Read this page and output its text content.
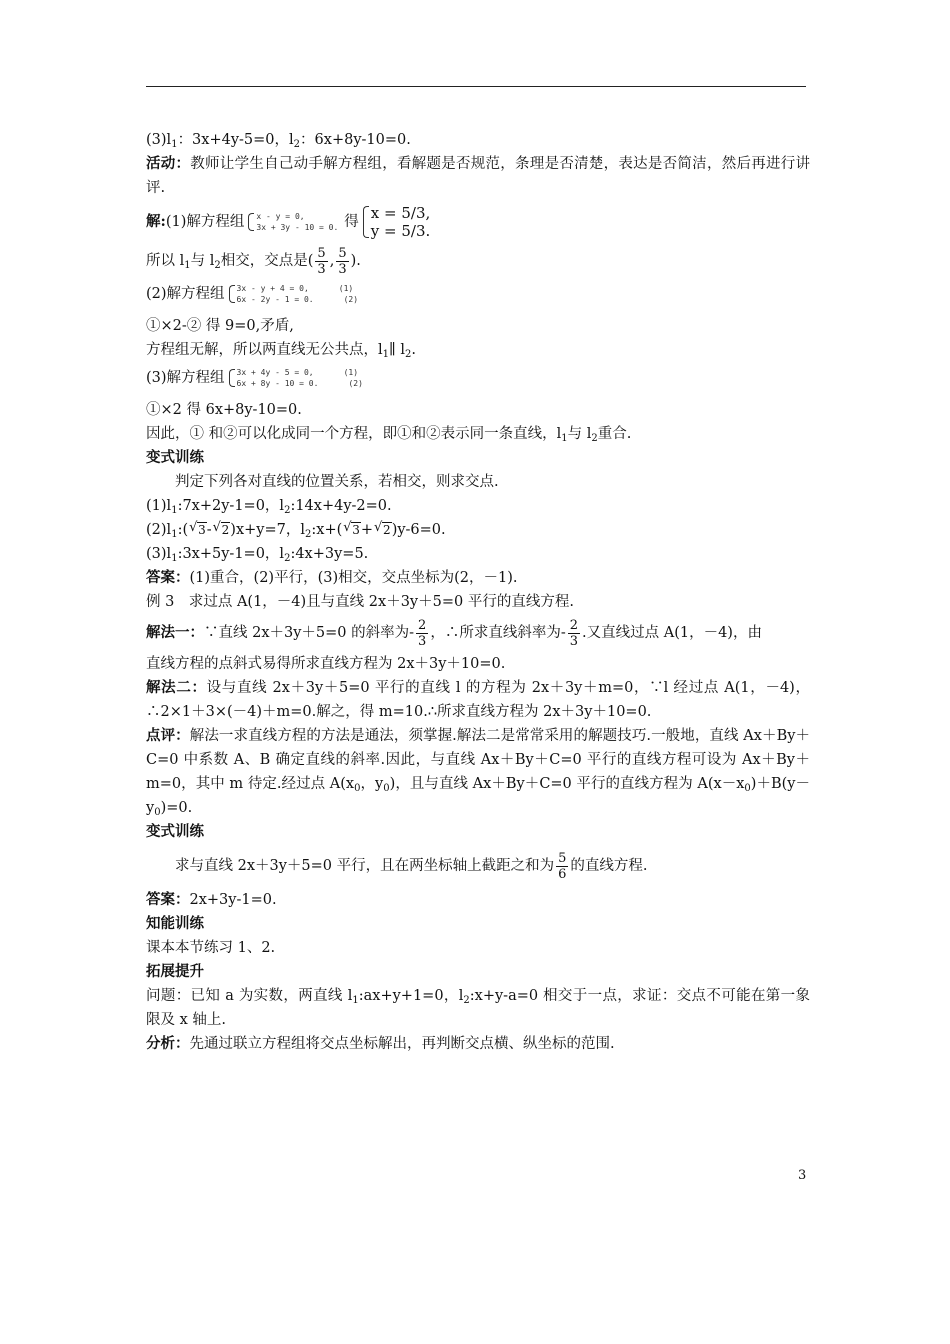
$(3)l_1$：3x+4y-5=0，$l_2$：6x+8y-10=0.
活动：教师让学生自己动手解方程组，看解题是否规范，条理是否清楚，表达是否简洁，然后再进行讲评.
解: (1)解方程组 x - y = 0,
3x + 3y - 10 = 0. 得 x = 5/3,
y = 5/3.
所以 $l_1$与 $l_2$相交，交点是( $\frac{5}{3}$ , $\frac{5}{3}$ ).
(2)解方程组 3x - y + 4 = 0,	(1)
6x - 2y - 1 = 0.	(2)
①×2-② 得 9=0,矛盾,
方程组无解，所以两直线无公共点，$l_1\parallel$ $l_2$.
(3)解方程组 3x + 4y - 5 = 0,	(1)
6x + 8y - 10 = 0.	(2)
①×2 得 6x+8y-10=0.
因此，① 和②可以化成同一个方程，即①和②表示同一条直线，$l_1$与 $l_2$重合.
变式训练
判定下列各对直线的位置关系，若相交，则求交点.
$(1)l_1:7x+2y-1=0$，$l_2:14x+4y-2=0$.
$(2)l_1:(√$ 3-√ 2)x+y=7，$l_2:x+(√$ 3+√ 2)y-6=0.
$(3)l_1:3x+5y-1=0$，$l_2:4x+3y=5$.
答案：(1)重合，(2)平行，(3)相交，交点坐标为(2，－1).
例 3　求过点 A(1，－4)且与直线 2x＋3y＋5=0 平行的直线方程.
解法一：∵直线 2x＋3y＋5=0 的斜率为- $\frac{2}{3}$ ，∴所求直线斜率为- $\frac{2}{3}$ .又直线过点 A(1，－4)，由
直线方程的点斜式易得所求直线方程为 2x＋3y＋10=0.
解法二：设与直线 2x＋3y＋5=0 平行的直线 l 的方程为 2x＋3y＋m=0，∵l 经过点 A(1，－4)，∴2×1＋3×(－4)＋m=0.解之，得 m=10.∴所求直线方程为 2x＋3y＋10=0.
点评：解法一求直线方程的方法是通法，须掌握.解法二是常常采用的解题技巧.一般地，直线 Ax＋By＋C=0 中系数 A、B 确定直线的斜率.因此，与直线 Ax＋By＋C=0 平行的直线方程可设为 Ax＋By＋m=0，其中 m 待定.经过点 $A(x_0$，$y_0$)，且与直线 Ax＋By＋C=0 平行的直线方程为 $A(x-x_0)+B(y-y_0)=0$.
变式训练
求与直线 2x＋3y＋5=0 平行，且在两坐标轴上截距之和为 $\frac{5}{6}$ 的直线方程.
答案：2x+3y-1=0.
知能训练
课本本节练习 1、2.
拓展提升
问题：已知 a 为实数，两直线 $l_1:ax+y+1=0$，$l_2:x+y-a=0$ 相交于一点，求证：交点不可能在第一象限及 x 轴上.
分析：先通过联立方程组将交点坐标解出，再判断交点横、纵坐标的范围.
3
